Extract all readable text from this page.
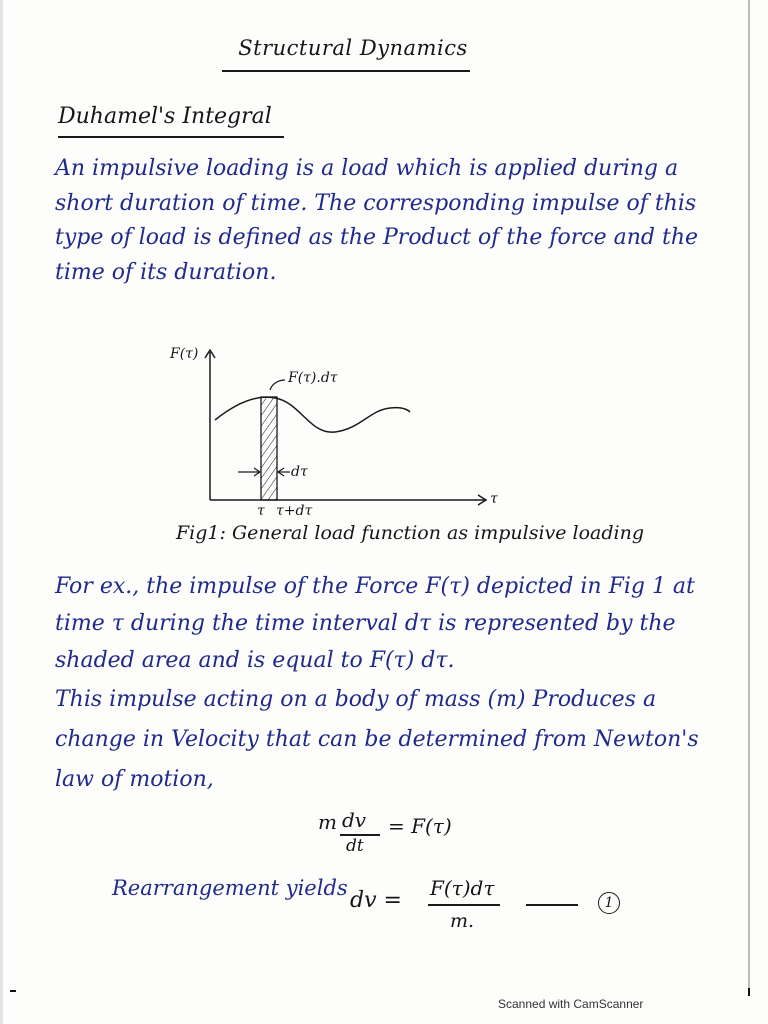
Structural Dynamics
Duhamel's Integral
An impulsive loading is a load which is applied during a short duration of time. The corresponding impulse of this type of load is defined as the Product of the force and the time of its duration.
F(τ)
F(τ).dτ
dτ
τ
τ τ+dτ
Fig1: General load function as impulsive loading
For ex., the impulse of the Force F(τ) depicted in Fig 1 at time τ during the time interval dτ is represented by the shaded area and is equal to F(τ) dτ.
This impulse acting on a body of mass (m) Produces a change in Velocity that can be determined from Newton's law of motion,
m dv
dt
= F(τ)
Rearrangement yields dv = F(τ)dτ
m.
1
Scanned with CamScanner
